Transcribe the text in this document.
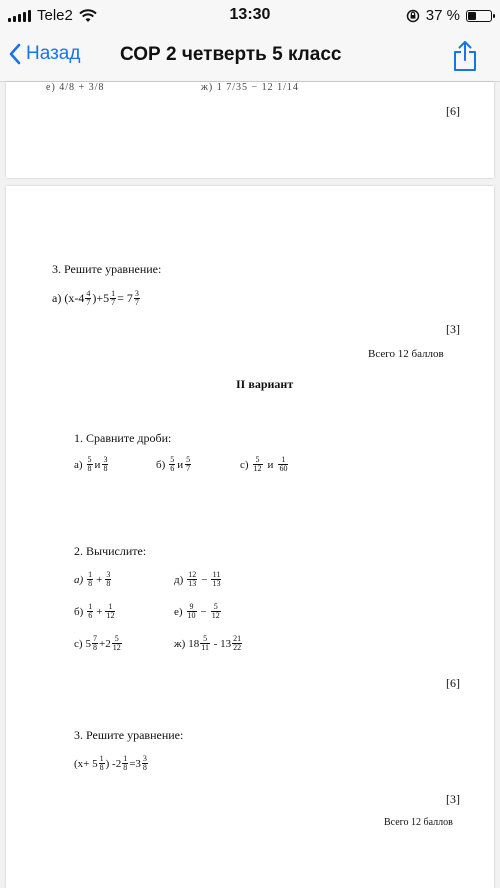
Tele2	13:30	37 %
Назад СОР 2 четверть 5 класс
е) 4/8 + 3/8	ж) 1 7/35 − 12 1/14
[6]
3. Решите уравнение:
а) $(х-4 \frac{4}{7} )+5 \frac{1}{7} = 7 \frac{3}{7}$
[3]
Всего 12 баллов
II вариант
1. Сравните дроби:
$а) \frac{5}{8}$ и $\frac{3}{8}$	$б) \frac{5}{6}$ и $\frac{5}{7}$	$с) \frac{5}{12}$ и $\frac{1}{60}$
2. Вычислите:
$а) \frac{1}{8} + \frac{3}{8}$	$д) \frac{12}{13} - \frac{11}{13}$
$б) \frac{1}{6} + \frac{1}{12}$	$е) \frac{9}{10} - \frac{5}{12}$
с) $5 \frac{7}{8} +2 \frac{5}{12}$	ж) $18 \frac{5}{11} - 13 \frac{21}{22}$
[6]
3. Решите уравнение:
($х+ 5 \frac{1}{8}$ ) $-2 \frac{1}{8} =3 \frac{3}{8}$
[3]
Всего 12 баллов
